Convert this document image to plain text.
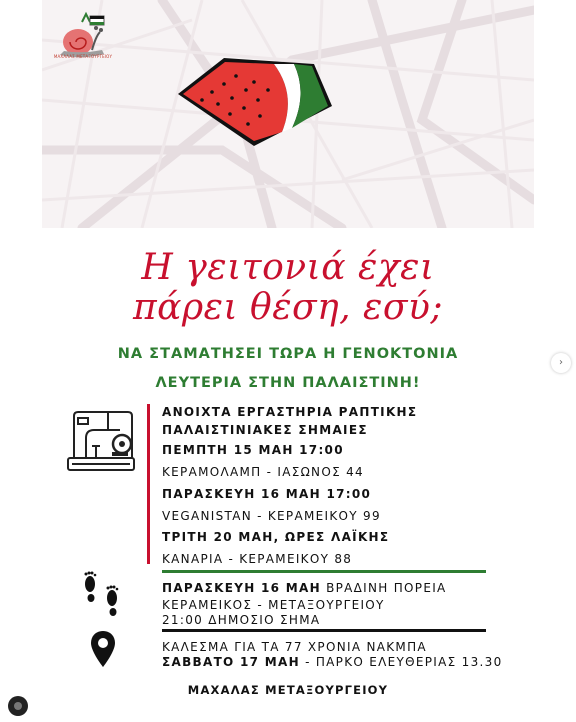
ΜΑΧΑΛΑΣ ΜΕΤΑΞΟΥΡΓΕΙΟΥ
Η γειτονιά έχει
πάρει θέση, εσύ;
ΝΑ ΣΤΑΜΑΤΗΣΕΙ ΤΩΡΑ Η ΓΕΝΟΚΤΟΝΙΑ
ΛΕΥΤΕΡΙΑ ΣΤΗΝ ΠΑΛΑΙΣΤΙΝΗ!
ΑΝΟΙΧΤΑ ΕΡΓΑΣΤΗΡΙΑ ΡΑΠΤΙΚΗΣ
ΠΑΛΑΙΣΤΙΝΙΑΚΕΣ ΣΗΜΑΙΕΣ
ΠΕΜΠΤΗ 15 ΜΑΗ 17:00
ΚΕΡΑΜΟΛΑΜΠ - ΙΑΣΩΝΟΣ 44
ΠΑΡΑΣΚΕΥΗ 16 ΜΑΗ 17:00
VEGANISTAN - ΚΕΡΑΜΕΙΚΟΥ 99
ΤΡΙΤΗ 20 ΜΑΗ, ΩΡΕΣ ΛΑΪΚΗΣ
ΚΑΝΑΡΙΑ - ΚΕΡΑΜΕΙΚΟΥ 88
ΠΑΡΑΣΚΕΥΗ 16 ΜΑΗ ΒΡΑΔΙΝΗ ΠΟΡΕΙΑ
ΚΕΡΑΜΕΙΚΟΣ - ΜΕΤΑΞΟΥΡΓΕΙΟΥ
21:00 ΔΗΜΟΣΙΟ ΣΗΜΑ
ΚΑΛΕΣΜΑ ΓΙΑ ΤΑ 77 ΧΡΟΝΙΑ ΝΑΚΜΠΑ
ΣΑΒΒΑΤΟ 17 ΜΑΗ - ΠΑΡΚΟ ΕΛΕΥΘΕΡΙΑΣ 13.30
ΜΑΧΑΛΑΣ ΜΕΤΑΞΟΥΡΓΕΙΟΥ
›
